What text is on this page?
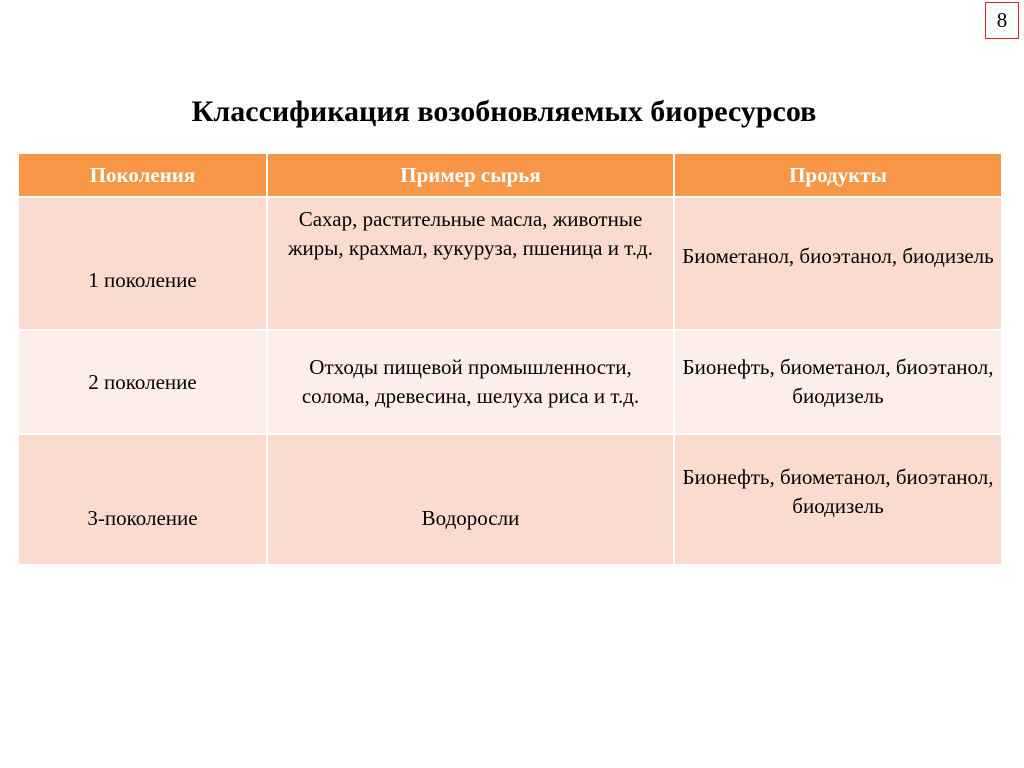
8
Классификация возобновляемых биоресурсов
Поколения	Пример сырья	Продукты
1 поколение	Сахар, растительные масла, животные жиры, крахмал, кукуруза, пшеница и т.д.	Биометанол, биоэтанол, биодизель
2 поколение	Отходы пищевой промышленности, солома, древесина, шелуха риса и т.д.	Бионефть, биометанол, биоэтанол, биодизель
3-поколение	Водоросли	Бионефть, биометанол, биоэтанол, биодизель
